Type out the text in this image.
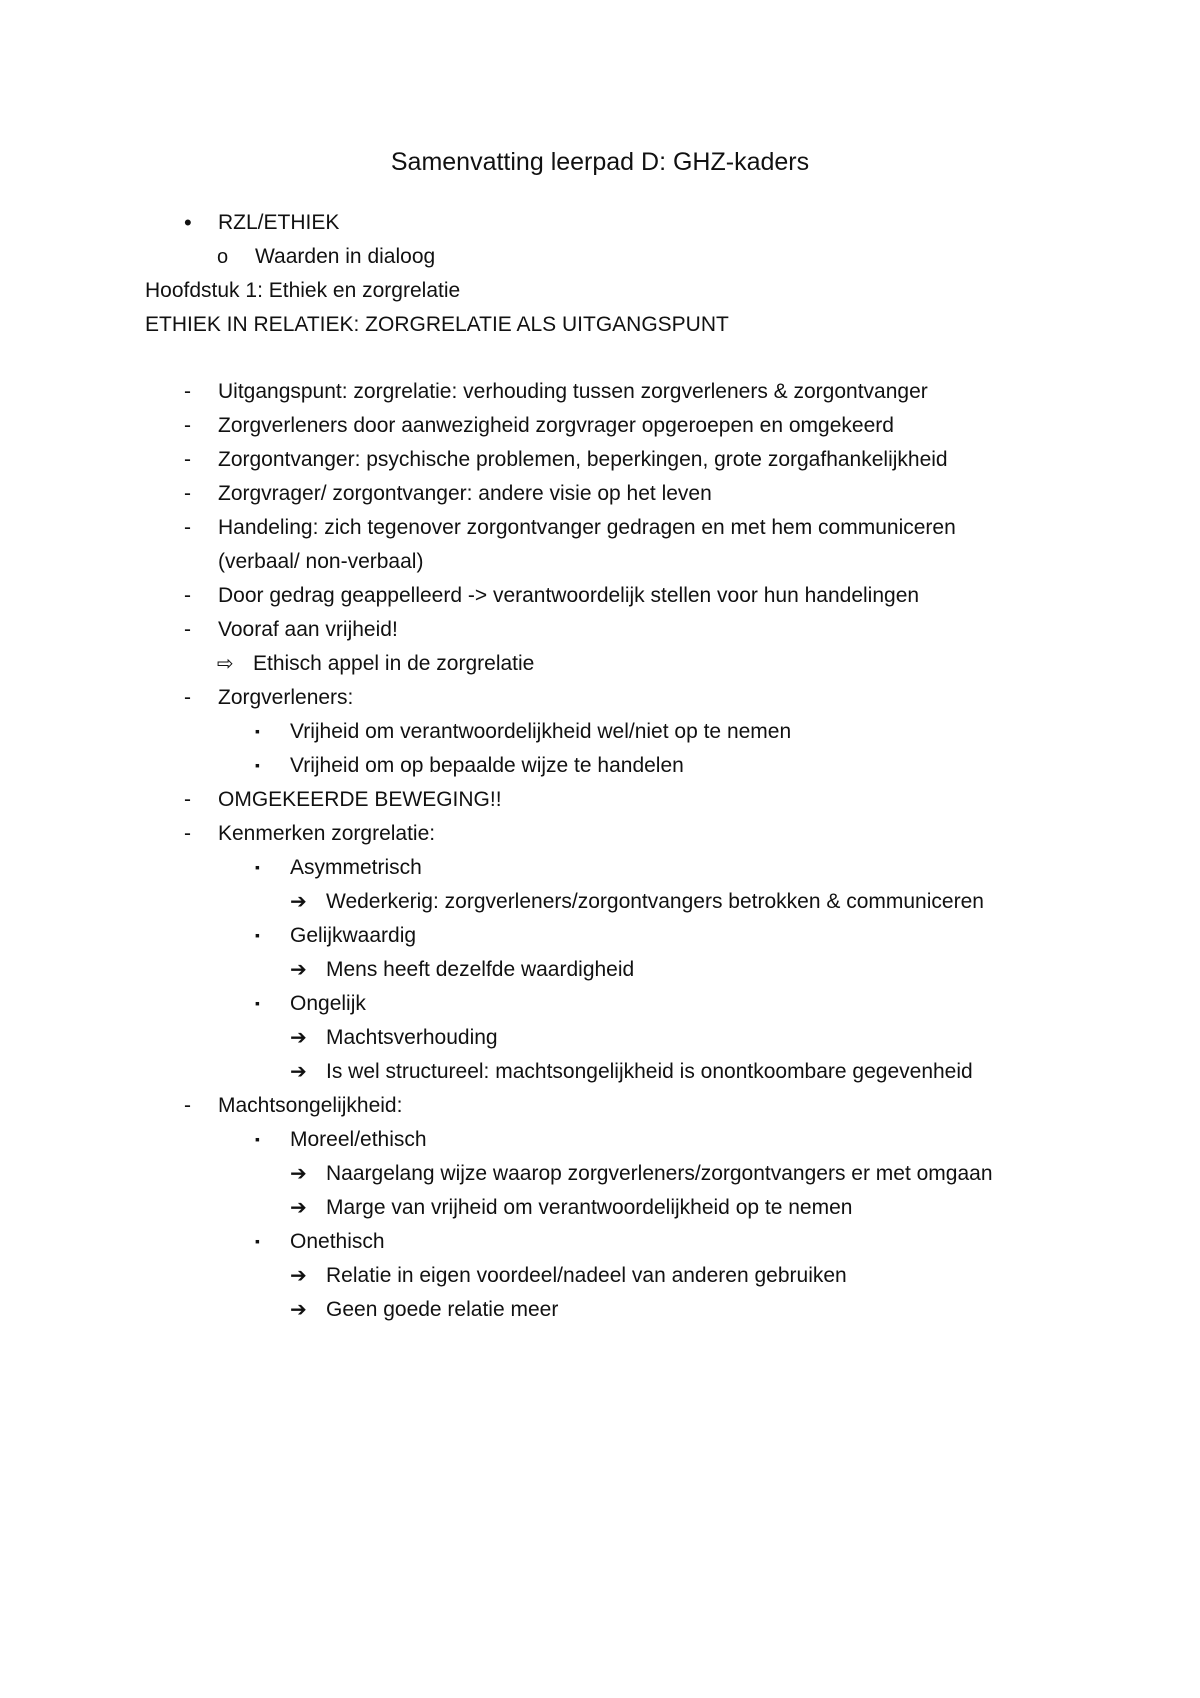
Samenvatting leerpad D: GHZ-kaders
• RZL/ETHIEK
o Waarden in dialoog
Hoofdstuk 1: Ethiek en zorgrelatie
ETHIEK IN RELATIEK: ZORGRELATIE ALS UITGANGSPUNT
- Uitgangspunt: zorgrelatie: verhouding tussen zorgverleners & zorgontvanger
- Zorgverleners door aanwezigheid zorgvrager opgeroepen en omgekeerd
- Zorgontvanger: psychische problemen, beperkingen, grote zorgafhankelijkheid
- Zorgvrager/ zorgontvanger: andere visie op het leven
- Handeling: zich tegenover zorgontvanger gedragen en met hem communiceren
(verbaal/ non-verbaal)
- Door gedrag geappelleerd -> verantwoordelijk stellen voor hun handelingen
- Vooraf aan vrijheid!
⇨ Ethisch appel in de zorgrelatie
- Zorgverleners:
▪ Vrijheid om verantwoordelijkheid wel/niet op te nemen
▪ Vrijheid om op bepaalde wijze te handelen
- OMGEKEERDE BEWEGING!!
- Kenmerken zorgrelatie:
▪ Asymmetrisch
➔ Wederkerig: zorgverleners/zorgontvangers betrokken & communiceren
▪ Gelijkwaardig
➔ Mens heeft dezelfde waardigheid
▪ Ongelijk
➔ Machtsverhouding
➔ Is wel structureel: machtsongelijkheid is onontkoombare gegevenheid
- Machtsongelijkheid:
▪ Moreel/ethisch
➔ Naargelang wijze waarop zorgverleners/zorgontvangers er met omgaan
➔ Marge van vrijheid om verantwoordelijkheid op te nemen
▪ Onethisch
➔ Relatie in eigen voordeel/nadeel van anderen gebruiken
➔ Geen goede relatie meer
